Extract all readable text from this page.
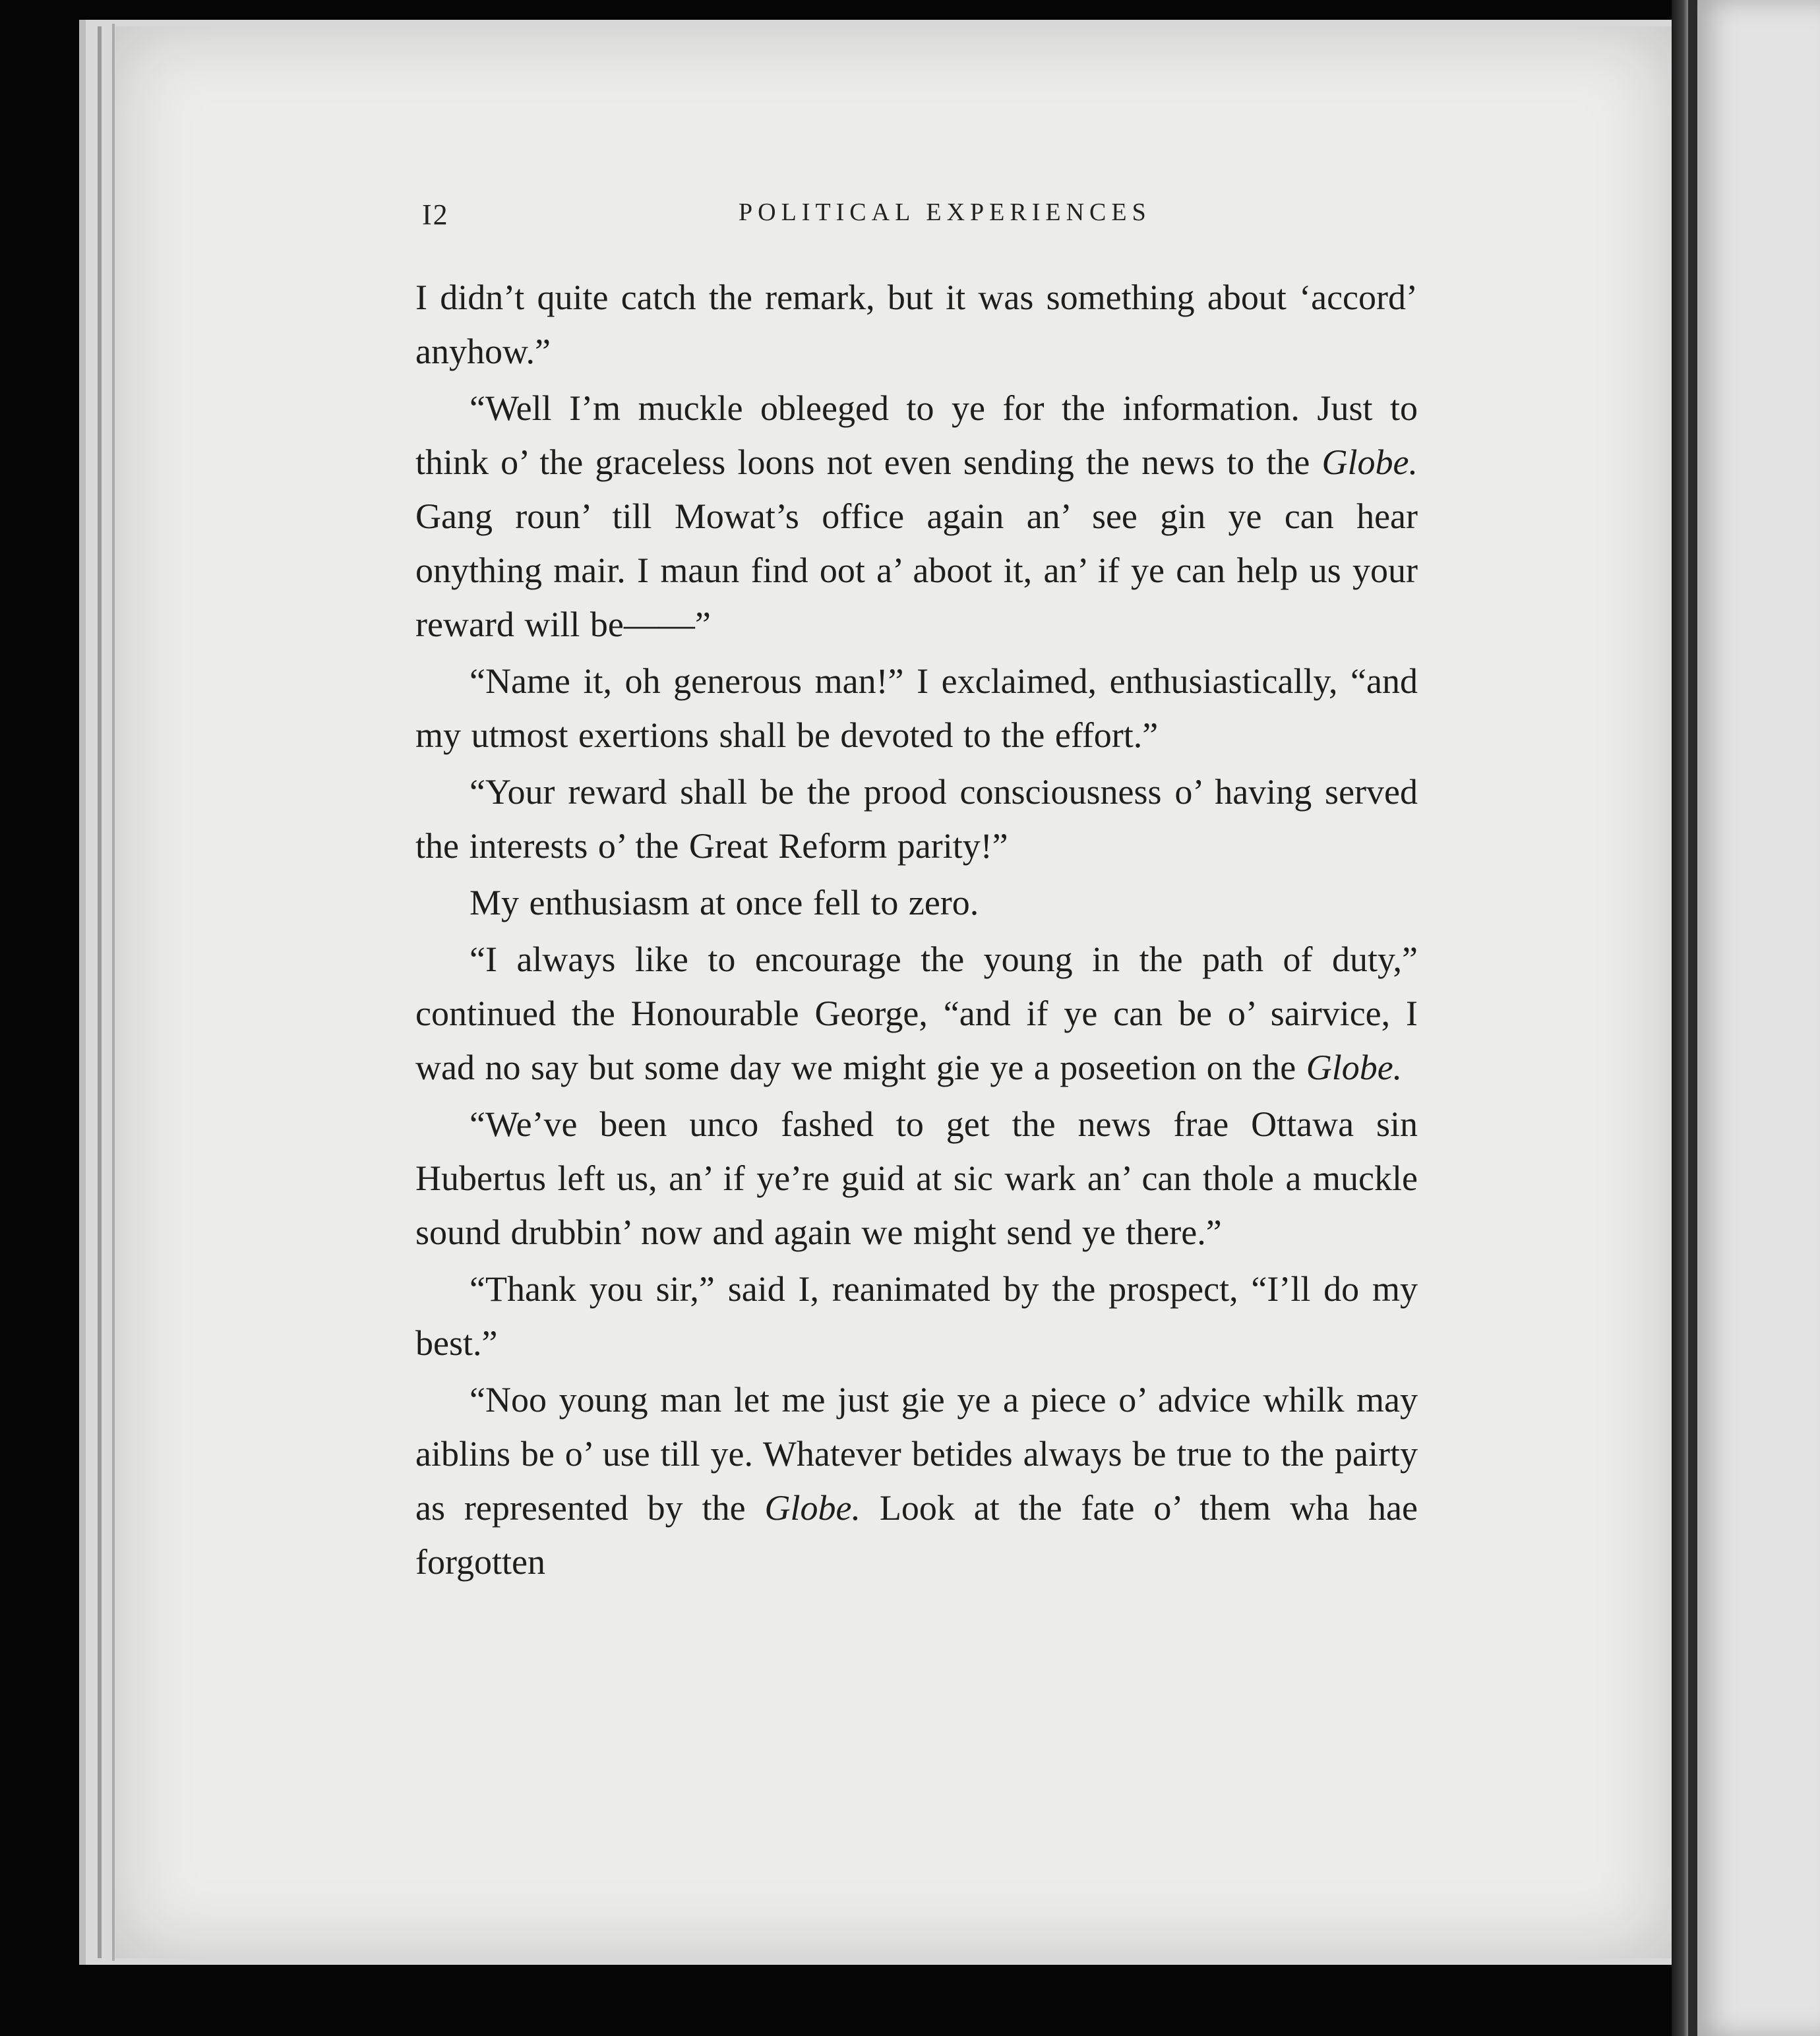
I2	POLITICAL EXPERIENCES

I didn’t quite catch the remark, but it was something about ‘accord’ anyhow.”

“Well I’m muckle obleeged to ye for the information. Just to think o’ the graceless loons not even sending the news to the Globe. Gang roun’ till Mowat’s office again an’ see gin ye can hear onything mair. I maun find oot a’ aboot it, an’ if ye can help us your reward will be——”

“Name it, oh generous man!” I exclaimed, enthusiastically, “and my utmost exertions shall be devoted to the effort.”

“Your reward shall be the prood consciousness o’ having served the interests o’ the Great Reform parity!”

My enthusiasm at once fell to zero.

“I always like to encourage the young in the path of duty,” continued the Honourable George, “and if ye can be o’ sairvice, I wad no say but some day we might gie ye a poseetion on the Globe.

“We’ve been unco fashed to get the news frae Ottawa sin Hubertus left us, an’ if ye’re guid at sic wark an’ can thole a muckle sound drubbin’ now and again we might send ye there.”

“Thank you sir,” said I, reanimated by the prospect, “I’ll do my best.”

“Noo young man let me just gie ye a piece o’ advice whilk may aiblins be o’ use till ye. Whatever betides always be true to the pairty as represented by the Globe. Look at the fate o’ them wha hae forgotten
